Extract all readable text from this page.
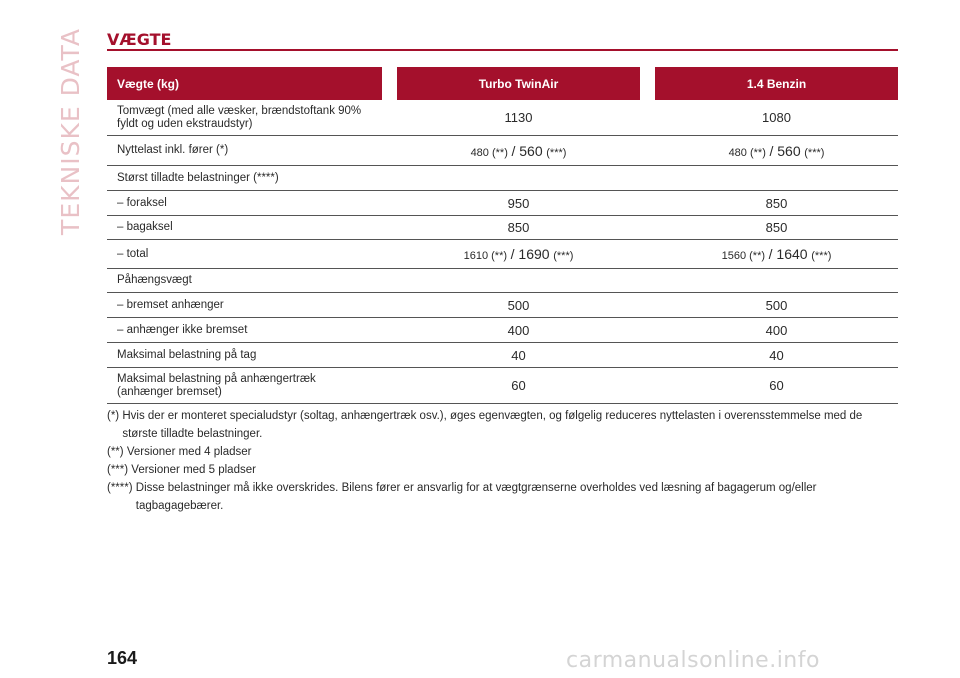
TEKNISKE DATA VÆGTE
Vægte (kg)	Turbo TwinAir	1.4 Benzin
Tomvægt (med alle væsker, brændstoftank 90% fyldt og uden ekstraudstyr)	1130	1080
Nyttelast inkl. fører (*)	480 (**) / 560 (***)	480 (**) / 560 (***)
Størst tilladte belastninger (****)
– foraksel	950	850
– bagaksel	850	850
– total	1610 (**) / 1690 (***)	1560 (**) / 1640 (***)
Påhængsvægt
– bremset anhænger	500	500
– anhænger ikke bremset	400	400
Maksimal belastning på tag	40	40
Maksimal belastning på anhængertræk (anhænger bremset)	60	60
(*)
Hvis der er monteret specialudstyr (soltag, anhængertræk osv.), øges egenvægten, og følgelig reduceres nyttelasten i overensstemmelse med de største tilladte belastninger.
(**)
Versioner med 4 pladser
(***)
Versioner med 5 pladser
(****)
Disse belastninger må ikke overskrides. Bilens fører er ansvarlig for at vægtgrænserne overholdes ved læsning af bagagerum og/eller tagbagagebærer.
164	carmanualsonline.info
